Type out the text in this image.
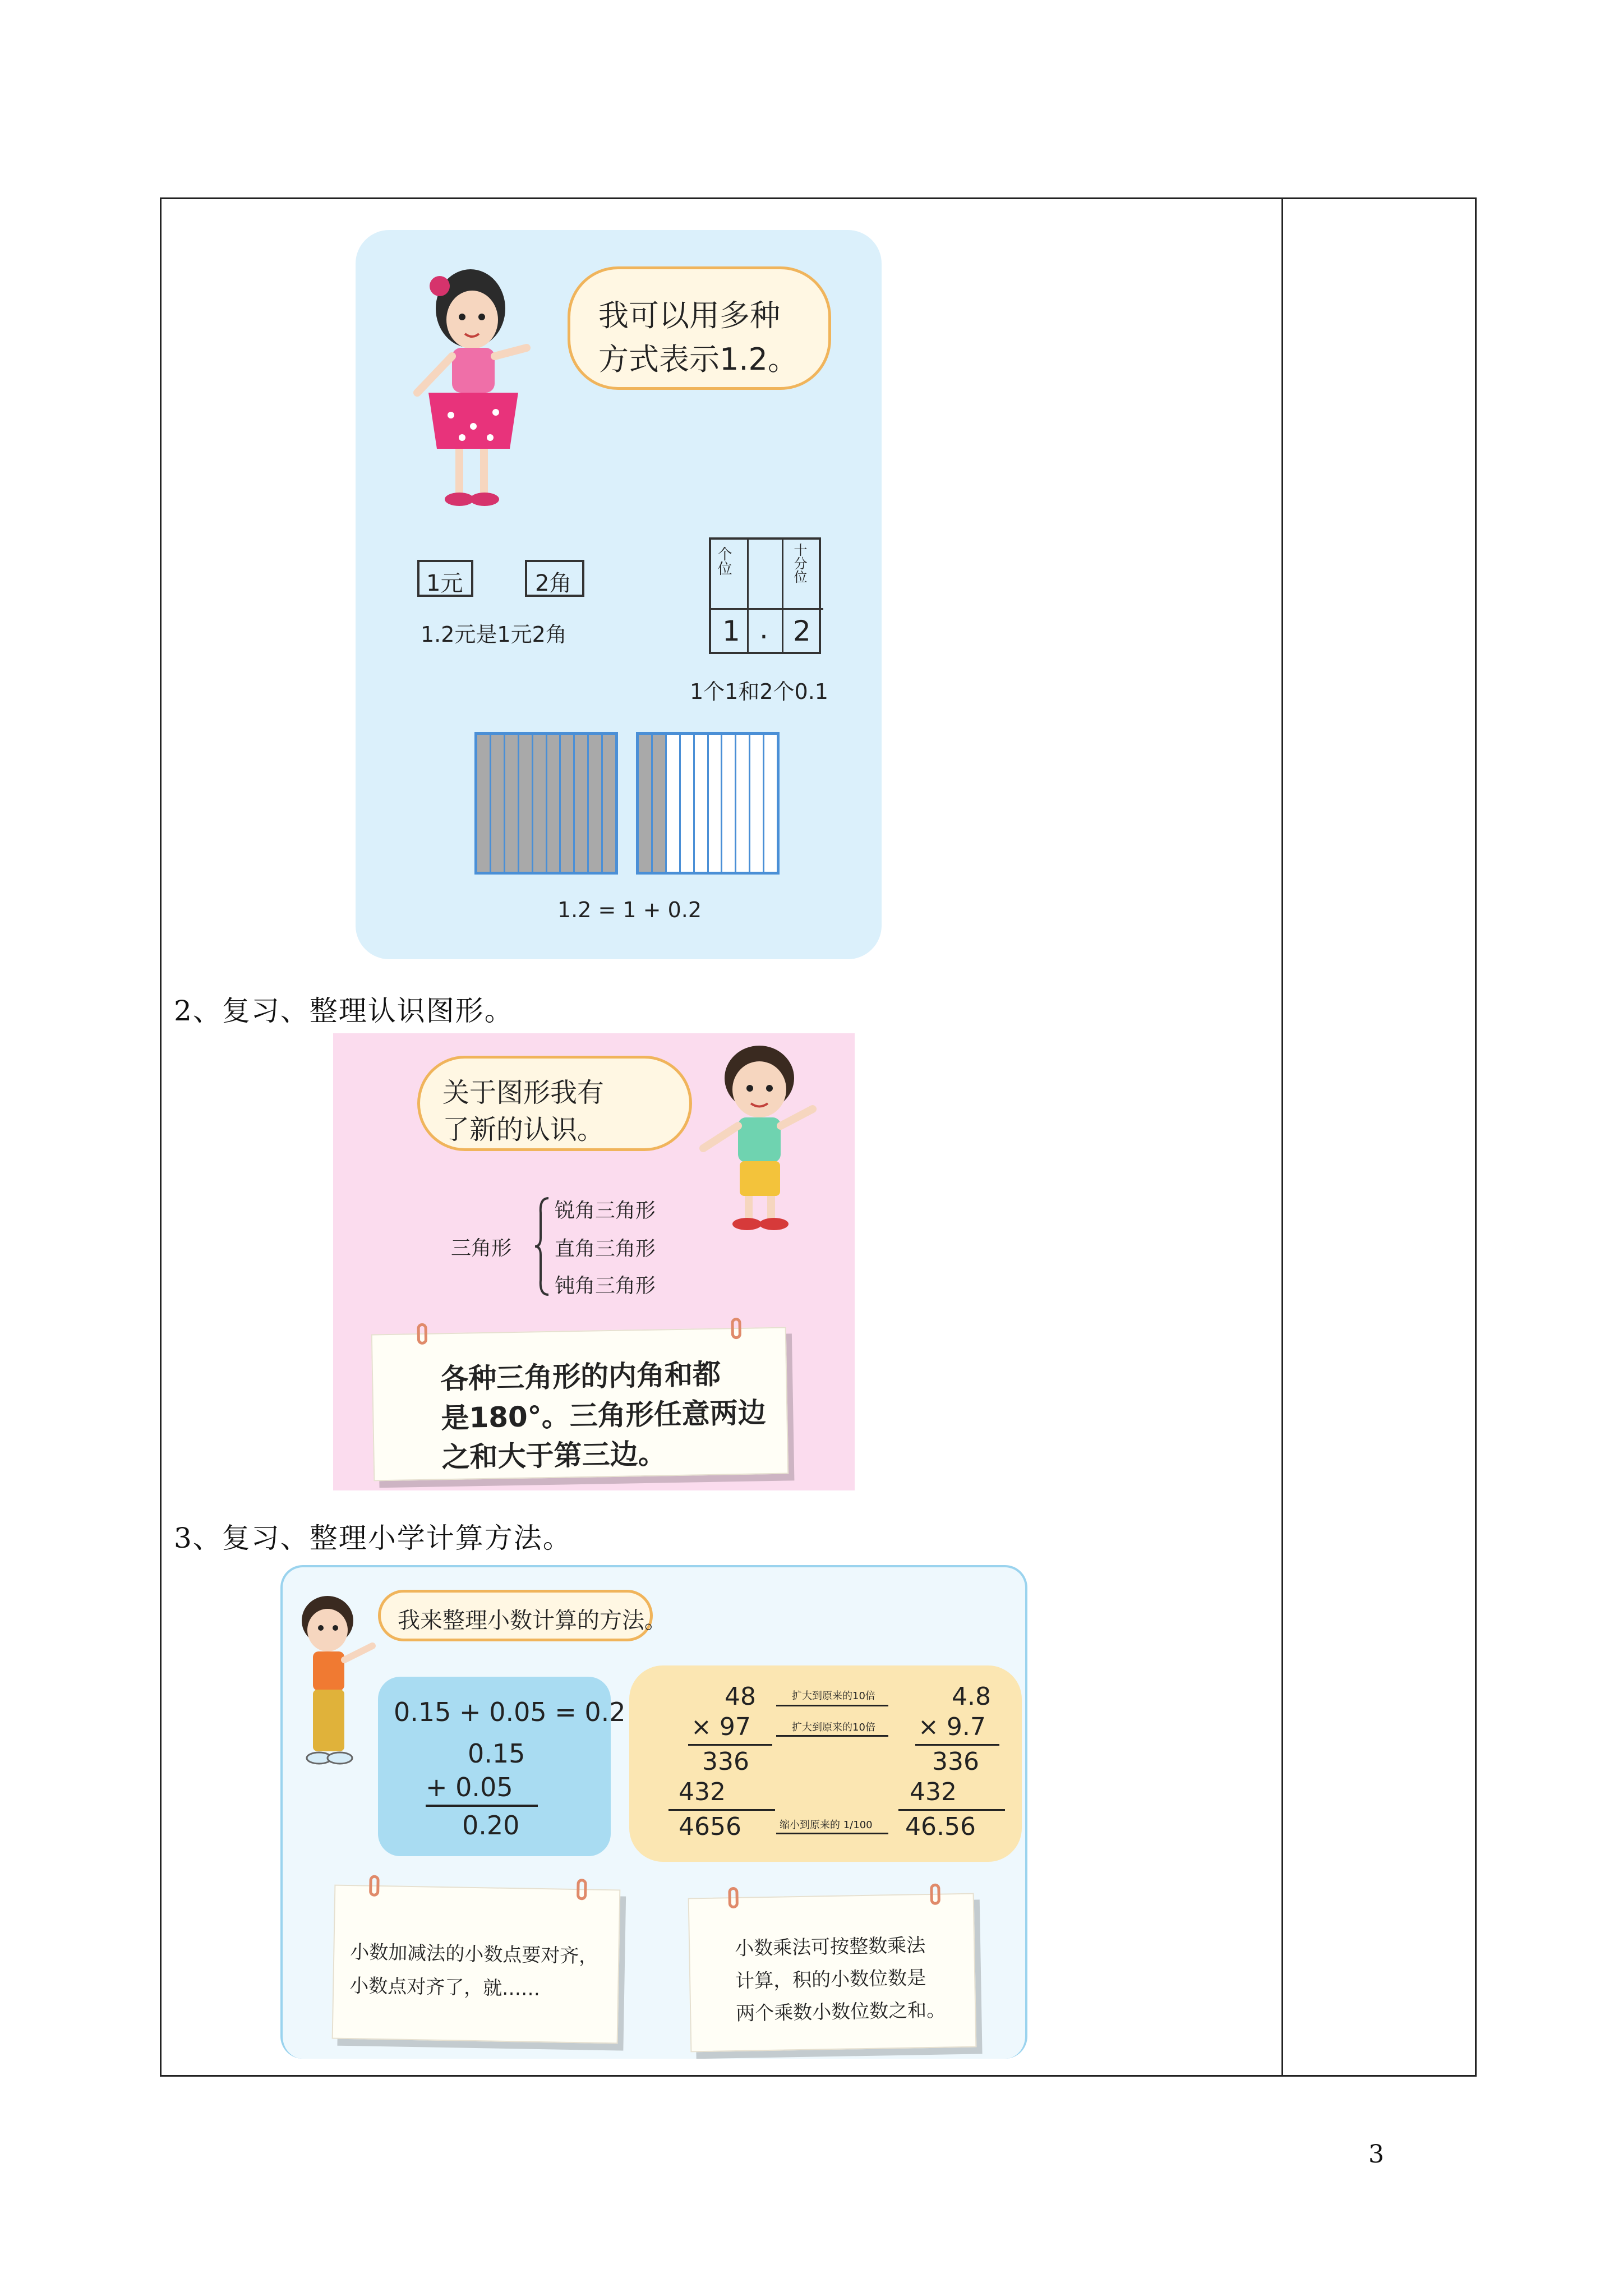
我可以用多种
方式表示1.2。
1元	2角
1.2元是1元2角
个位	十分位
1 . 2
1个1和2个0.1
1.2 = 1 + 0.2
2、复习、整理认识图形。
关于图形我有
了新的认识。
三角形
锐角三角形
直角三角形
钝角三角形
各种三角形的内角和都
是180°。三角形任意两边
之和大于第三边。
3、复习、整理小学计算方法。
我来整理小数计算的方法。
0.15 + 0.05 = 0.2
0.15
+ 0.05
0.20
48
× 97
336
432
4656
扩大到原来的10倍
扩大到原来的10倍
缩小到原来的 1/100
4.8
× 9.7
336
432
46.56
小数加减法的小数点要对齐，
小数点对齐了，就……
小数乘法可按整数乘法
计算，积的小数位数是
两个乘数小数位数之和。
3
